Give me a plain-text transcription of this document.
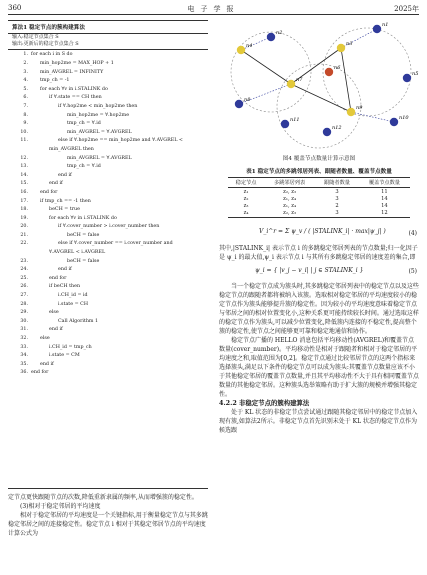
360	电子学报	2025年
算法1 稳定节点的簇构建算法
输入:稳定节点集合 S
输出:更新后的稳定节点集合 S
1. for each i in S do
2.	min_hop2me = MAX_HOP + 1
3.	min_AVGREL = INFINITY
4.	tmp_ch = -1
5.	for each ∀v in i.STALINK do
6.	if ∀.state == CH then
7.	if ∀.hop2me < min_hop2me then
8.	min_hop2me = ∀.hop2me
9.	tmp_ch = ∀.id
10.	min_AVGREL = ∀.AVGREL
11.	else if ∀.hop2me == min_hop2me and ∀.AVGREL <
min_AVGREL then
12.	min_AVGREL = ∀.AVGREL
13.	tmp_ch = ∀.id
14.	end if
15.	end if
16.	end for
17.	if tmp_ch == -1 then
18.	beCH = true
19.	for each ∀v in i.STALINK do
20.	if ∀.cover_number > i.cover_number then
21.	beCH = false
22.	else if ∀.cover_number == i.cover_number and
∀.AVGREL < i.AVGREL
23.	beCH = false
24.	end if
25.	end for
26.	if beCH then
27.	i.CH_id = id
28.	i.state = CH
29.	else
30.	Call Algorithm 1
31.	end if
32.	else
33.	i.CH_id = tmp_ch
34.	i.state = CM
35.	end if
36. end for

定节点更快跟随节点的次数,降低重新隶属的频率,从而增强簇的稳定性。

(3)相对于稳定邻居的平均速度

相对于稳定邻居的平均速度是一个关键指标,用于衡量稳定节点与其多跳稳定邻居之间的连接稳定性。稳定节点 i 相对于其稳定邻居节点的平均速度计算公式为

n1
n2
n3
n4
n5
n6
n7
n8
n9
n10
n11
n12
图4 覆盖节点数量计算示意图
表1 稳定节点的多跳邻居列表、跟随者数量、覆盖节点数量
稳定节点	多跳邻居列表	跟随者数量	覆盖节点数量
z₁	z₂, z₃	3	11
z₂	z₁, z₄	3	14
z₃	z₁, z₄	2	14
z₄	z₂, z₃	3	12
V_i^r = Σ ψ_v / ( |STALINK_i| · max|ψ_j| )	(4)

其中,|STALINK_i| 表示节点 i 的多跳稳定邻居列表的节点数量;归一化因子是 ψ_i 的最大值,ψ_i 表示节点 i 与其所有多跳稳定邻居的速度差的集合,即

ψ_i = { |v_j − v_i| | j ∈ STALINK_i }	(5)

当一个稳定节点成为簇头时,其多跳稳定邻居列表中的稳定节点以及这些稳定节点的跟随者都将被纳入该簇。选取相对稳定邻居的平均速度较小的稳定节点作为簇头能够提升簇的稳定性。因为较小的平均速度意味着稳定节点与邻居之间的相对位置变化小,这种关系更可能持续较长时间。通过选取这样的稳定节点作为簇头,可以减少位置变化,降低簇内连接的不稳定性,提高整个簇的稳定性,使节点之间能够更可靠和稳定地通信和协作。

稳定节点广播的 HELLO 消息包括平均移动性(AVGREL)和覆盖节点数量(cover_number)。平均移动性是相对于跟随者和相对于稳定邻居的平均速度之和,取值范围为[0,2]。稳定节点通过比较邻居节点的这两个指标来选择簇头,满足以下条件的稳定节点可以成为簇头:其覆盖节点数量应该不小于其他稳定邻居的覆盖节点数量,并且其平均移动性不大于具有相同覆盖节点数量的其他稳定邻居。这种簇头选举策略有助于扩大簇的规模并增强其稳定性。

4.2.2 非稳定节点的簇构建算法

处于 KL 状态的非稳定节点尝试通过跟随其稳定邻居中的稳定节点加入现有簇,如算法2所示。非稳定节点首先识别未处于 KL 状态的稳定节点作为候选跟
